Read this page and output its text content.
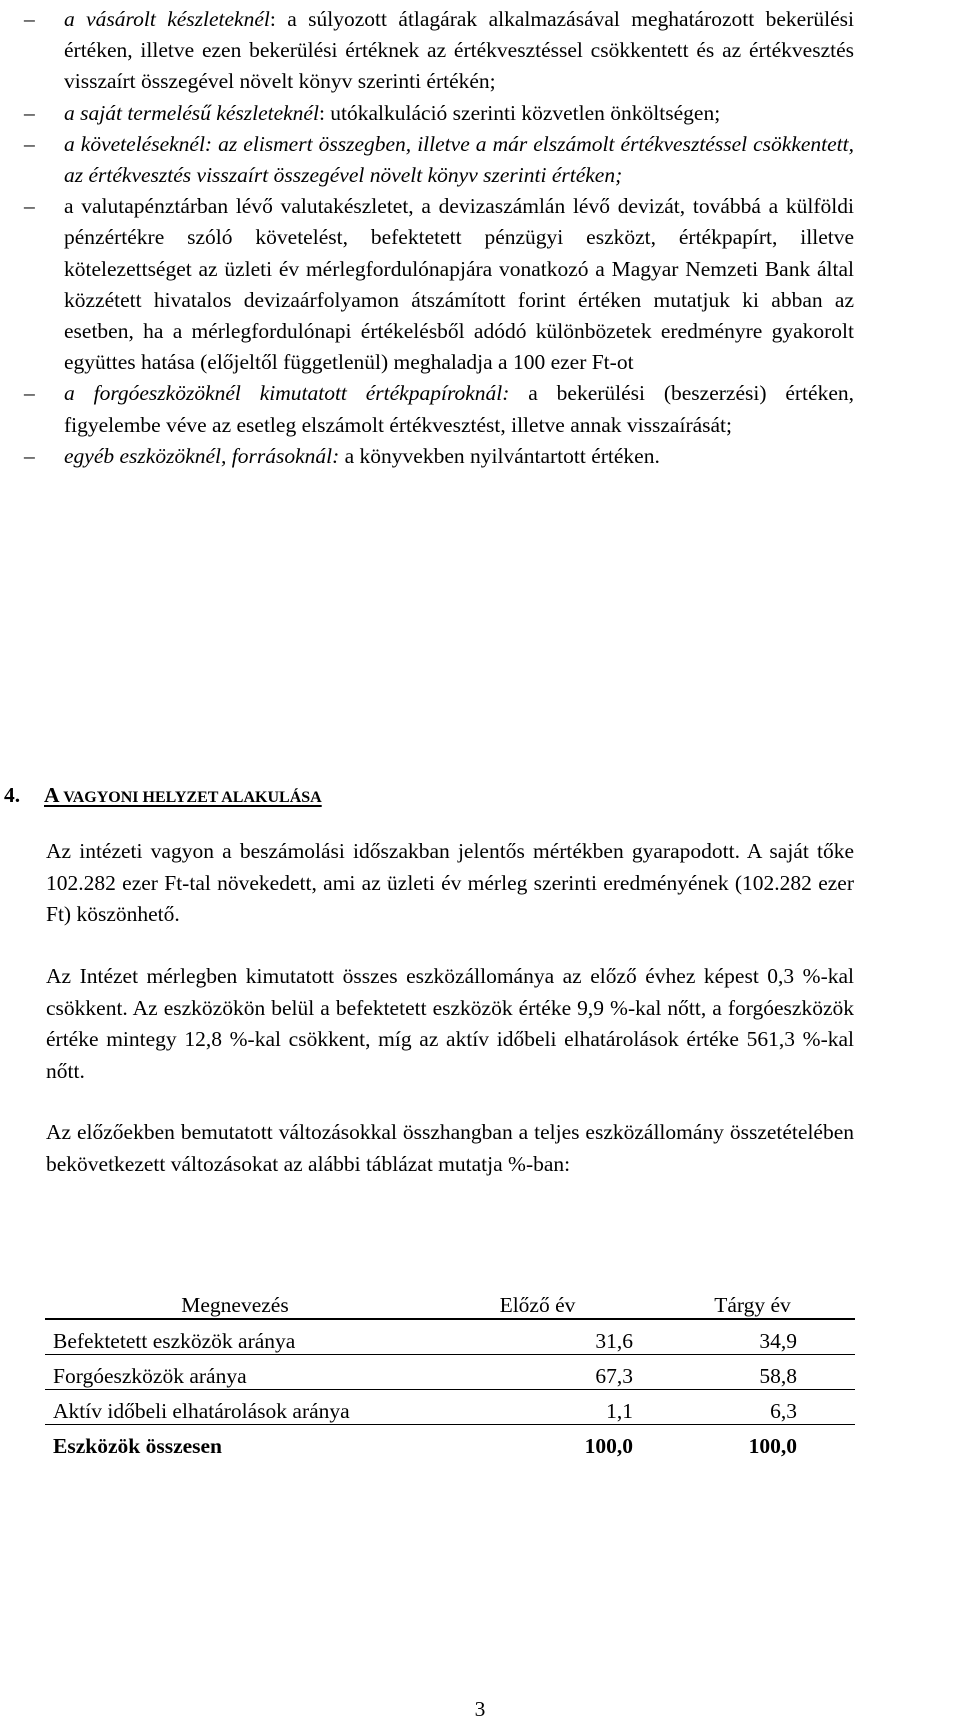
–	a vásárolt készleteknél: a súlyozott átlagárak alkalmazásával meghatározott bekerülési értéken, illetve ezen bekerülési értéknek az értékvesztéssel csökkentett és az értékvesztés visszaírt összegével növelt könyv szerinti értékén;
–	a saját termelésű készleteknél: utókalkuláció szerinti közvetlen önköltségen;
–	a követeléseknél: az elismert összegben, illetve a már elszámolt értékvesztéssel csökkentett, az értékvesztés visszaírt összegével növelt könyv szerinti értéken;
–	a valutapénztárban lévő valutakészletet, a devizaszámlán lévő devizát, továbbá a külföldi pénzértékre szóló követelést, befektetett pénzügyi eszközt, értékpapírt, illetve kötelezettséget az üzleti év mérlegfordulónapjára vonatkozó a Magyar Nemzeti Bank által közzétett hivatalos devizaárfolyamon átszámított forint értéken mutatjuk ki abban az esetben, ha a mérlegfordulónapi értékelésből adódó különbözetek eredményre gyakorolt együttes hatása (előjeltől függetlenül) meghaladja a 100 ezer Ft-ot
–	a forgóeszközöknél kimutatott értékpapíroknál: a bekerülési (beszerzési) értéken, figyelembe véve az esetleg elszámolt értékvesztést, illetve annak visszaírását;
–	egyéb eszközöknél, forrásoknál: a könyvekben nyilvántartott értéken.
4. A VAGYONI HELYZET ALAKULÁSA
Az intézeti vagyon a beszámolási időszakban jelentős mértékben gyarapodott. A saját tőke 102.282 ezer Ft-tal növekedett, ami az üzleti év mérleg szerinti eredményének (102.282 ezer Ft) köszönhető.
Az Intézet mérlegben kimutatott összes eszközállománya az előző évhez képest 0,3 %-kal csökkent. Az eszközökön belül a befektetett eszközök értéke 9,9 %-kal nőtt, a forgóeszközök értéke mintegy 12,8 %-kal csökkent, míg az aktív időbeli elhatárolások értéke 561,3 %-kal nőtt.
Az előzőekben bemutatott változásokkal összhangban a teljes eszközállomány összetételében bekövetkezett változásokat az alábbi táblázat mutatja %-ban:
Megnevezés	Előző év	Tárgy év
Befektetett eszközök aránya	31,6	34,9
Forgóeszközök aránya	67,3	58,8
Aktív időbeli elhatárolások aránya	1,1	6,3
Eszközök összesen	100,0	100,0
3
